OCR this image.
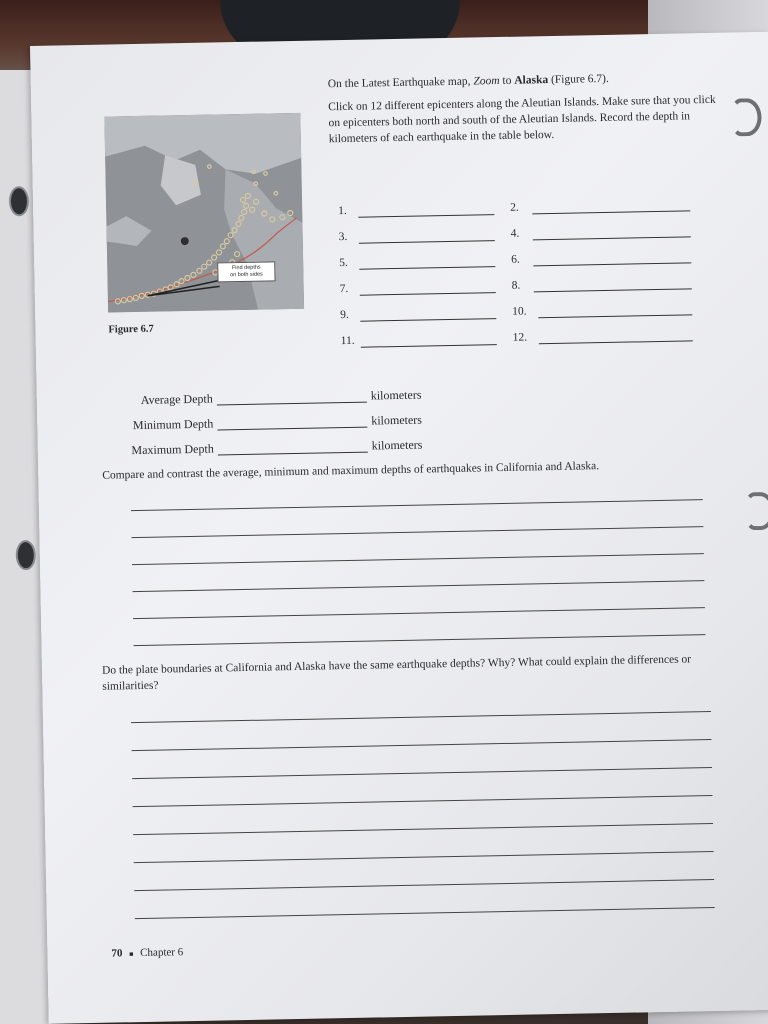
Find depths
on both sides
Figure 6.7

On the Latest Earthquake map, Zoom to Alaska (Figure 6.7).

Click on 12 different epicenters along the Aleutian Islands. Make sure that you click on epicenters both north and south of the Aleutian Islands. Record the depth in kilometers of each earthquake in the table below.

1.	2.
3.	4.
5.	6.
7.	8.
9.	10.
11.	12.
Average Depth	kilometers
Minimum Depth	kilometers
Maximum Depth	kilometers
Compare and contrast the average, minimum and maximum depths of earthquakes in California and Alaska.
Do the plate boundaries at California and Alaska have the same earthquake depths? Why? What could explain the differences or similarities?
70 ■ Chapter 6
